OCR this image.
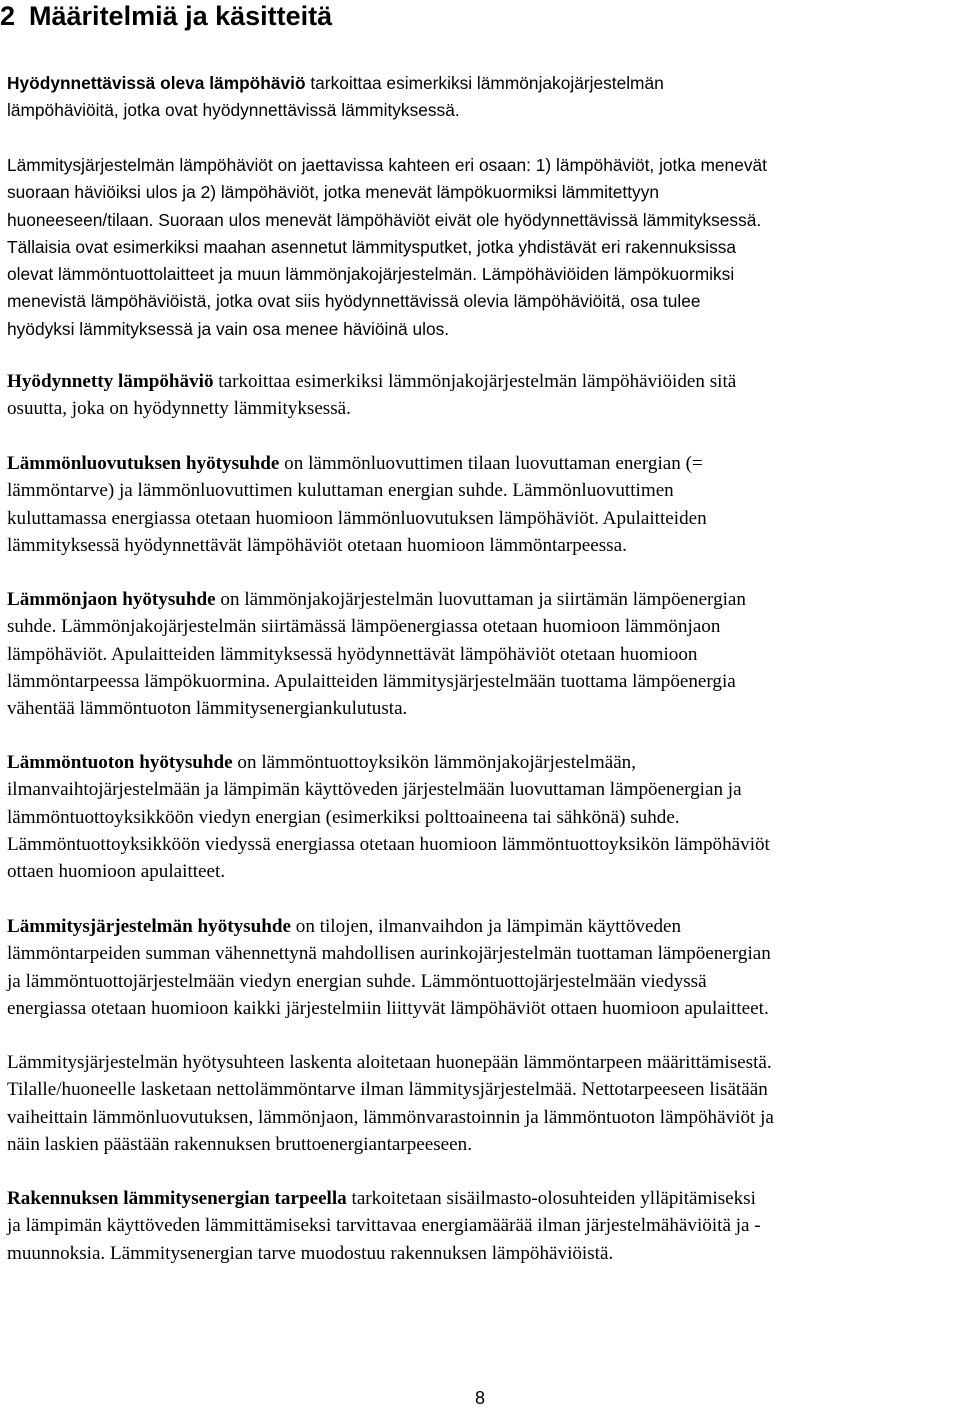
2 Määritelmiä ja käsitteitä

Hyödynnettävissä oleva lämpöhäviö tarkoittaa esimerkiksi lämmönjakojärjestelmän
lämpöhäviöitä, jotka ovat hyödynnettävissä lämmityksessä.

Lämmitysjärjestelmän lämpöhäviöt on jaettavissa kahteen eri osaan: 1) lämpöhäviöt, jotka menevät
suoraan häviöiksi ulos ja 2) lämpöhäviöt, jotka menevät lämpökuormiksi lämmitettyyn
huoneeseen/tilaan. Suoraan ulos menevät lämpöhäviöt eivät ole hyödynnettävissä lämmityksessä.
Tällaisia ovat esimerkiksi maahan asennetut lämmitysputket, jotka yhdistävät eri rakennuksissa
olevat lämmöntuottolaitteet ja muun lämmönjakojärjestelmän. Lämpöhäviöiden lämpökuormiksi
menevistä lämpöhäviöistä, jotka ovat siis hyödynnettävissä olevia lämpöhäviöitä, osa tulee
hyödyksi lämmityksessä ja vain osa menee häviöinä ulos.

Hyödynnetty lämpöhäviö tarkoittaa esimerkiksi lämmönjakojärjestelmän lämpöhäviöiden sitä
osuutta, joka on hyödynnetty lämmityksessä.

Lämmönluovutuksen hyötysuhde on lämmönluovuttimen tilaan luovuttaman energian (=
lämmöntarve) ja lämmönluovuttimen kuluttaman energian suhde. Lämmönluovuttimen
kuluttamassa energiassa otetaan huomioon lämmönluovutuksen lämpöhäviöt. Apulaitteiden
lämmityksessä hyödynnettävät lämpöhäviöt otetaan huomioon lämmöntarpeessa.

Lämmönjaon hyötysuhde on lämmönjakojärjestelmän luovuttaman ja siirtämän lämpöenergian
suhde. Lämmönjakojärjestelmän siirtämässä lämpöenergiassa otetaan huomioon lämmönjaon
lämpöhäviöt. Apulaitteiden lämmityksessä hyödynnettävät lämpöhäviöt otetaan huomioon
lämmöntarpeessa lämpökuormina. Apulaitteiden lämmitysjärjestelmään tuottama lämpöenergia
vähentää lämmöntuoton lämmitysenergiankulutusta.

Lämmöntuoton hyötysuhde on lämmöntuottoyksikön lämmönjakojärjestelmään,
ilmanvaihtojärjestelmään ja lämpimän käyttöveden järjestelmään luovuttaman lämpöenergian ja
lämmöntuottoyksikköön viedyn energian (esimerkiksi polttoaineena tai sähkönä) suhde.
Lämmöntuottoyksikköön viedyssä energiassa otetaan huomioon lämmöntuottoyksikön lämpöhäviöt
ottaen huomioon apulaitteet.

Lämmitysjärjestelmän hyötysuhde on tilojen, ilmanvaihdon ja lämpimän käyttöveden
lämmöntarpeiden summan vähennettynä mahdollisen aurinkojärjestelmän tuottaman lämpöenergian
ja lämmöntuottojärjestelmään viedyn energian suhde. Lämmöntuottojärjestelmään viedyssä
energiassa otetaan huomioon kaikki järjestelmiin liittyvät lämpöhäviöt ottaen huomioon apulaitteet.

Lämmitysjärjestelmän hyötysuhteen laskenta aloitetaan huonepään lämmöntarpeen määrittämisestä.
Tilalle/huoneelle lasketaan nettolämmöntarve ilman lämmitysjärjestelmää. Nettotarpeeseen lisätään
vaiheittain lämmönluovutuksen, lämmönjaon, lämmönvarastoinnin ja lämmöntuoton lämpöhäviöt ja
näin laskien päästään rakennuksen bruttoenergiantarpeeseen.

Rakennuksen lämmitysenergian tarpeella tarkoitetaan sisäilmasto-olosuhteiden ylläpitämiseksi
ja lämpimän käyttöveden lämmittämiseksi tarvittavaa energiamäärää ilman järjestelmähäviöitä ja -
muunnoksia. Lämmitysenergian tarve muodostuu rakennuksen lämpöhäviöistä.

8
